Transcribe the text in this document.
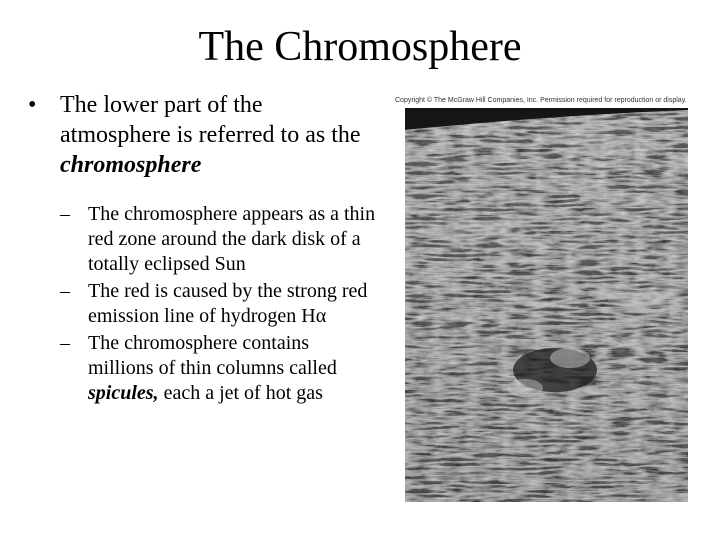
The Chromosphere
• The lower part of the atmosphere is referred to as the chromosphere
– The chromosphere appears as a thin red zone around the dark disk of a totally eclipsed Sun
– The red is caused by the strong red emission line of hydrogen Hα
– The chromosphere contains millions of thin columns called spicules, each a jet of hot gas
Copyright © The McGraw Hill Companies, Inc. Permission required for reproduction or display.
